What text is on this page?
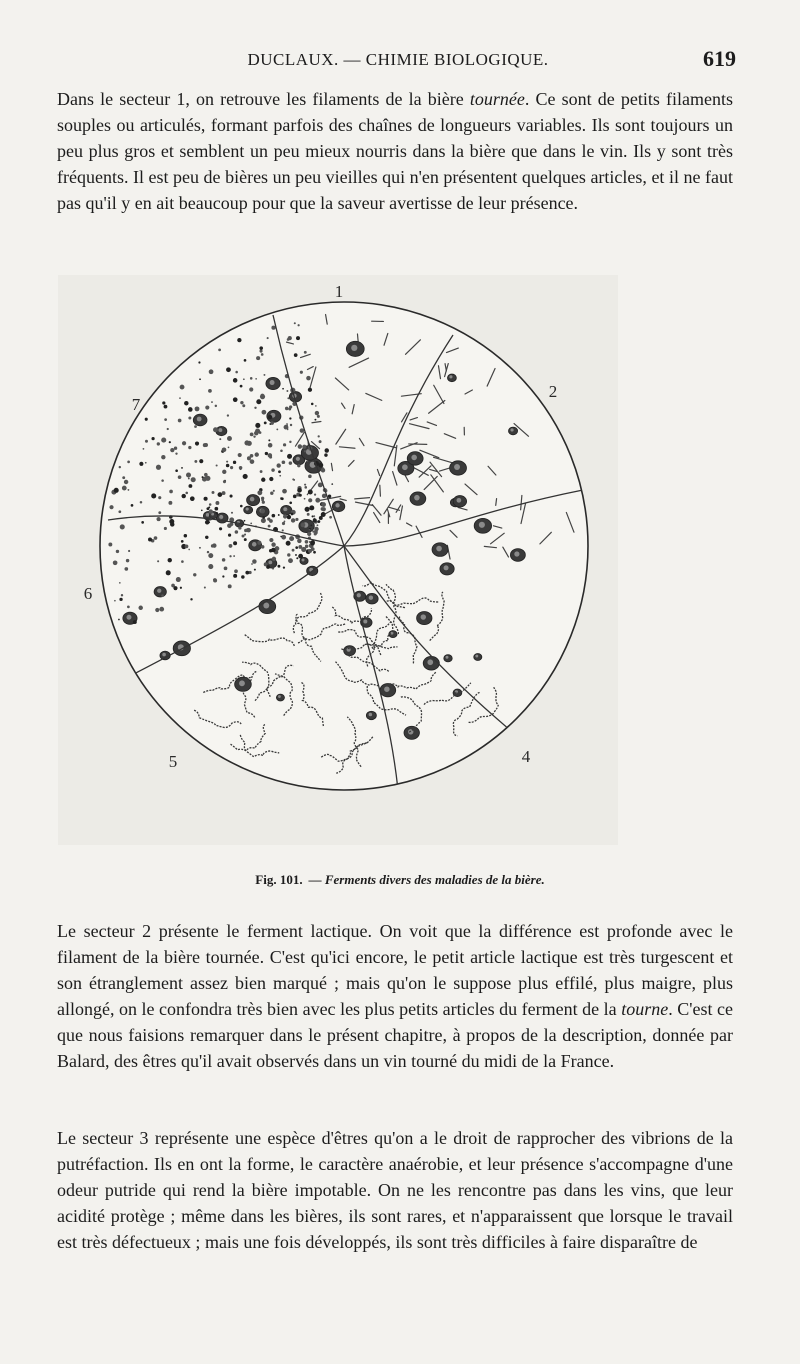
DUCLAUX. — CHIMIE BIOLOGIQUE.	619

Dans le secteur 1, on retrouve les filaments de la bière tournée. Ce sont de petits filaments souples ou articulés, formant parfois des chaînes de longueurs variables. Ils sont toujours un peu plus gros et semblent un peu mieux nourris dans la bière que dans le vin. Ils y sont très fréquents. Il est peu de bières un peu vieilles qui n'en présentent quelques articles, et il ne faut pas qu'il y en ait beaucoup pour que la saveur avertisse de leur présence.

1
2
4
5
6
7
Fig. 101. — Ferments divers des maladies de la bière.

Le secteur 2 présente le ferment lactique. On voit que la différence est profonde avec le filament de la bière tournée. C'est qu'ici encore, le petit article lactique est très turgescent et son étranglement assez bien marqué ; mais qu'on le suppose plus effilé, plus maigre, plus allongé, on le confondra très bien avec les plus petits articles du ferment de la tourne. C'est ce que nous faisions remarquer dans le présent chapitre, à propos de la description, donnée par Balard, des êtres qu'il avait observés dans un vin tourné du midi de la France.

Le secteur 3 représente une espèce d'êtres qu'on a le droit de rapprocher des vibrions de la putréfaction. Ils en ont la forme, le caractère anaérobie, et leur présence s'accompagne d'une odeur putride qui rend la bière impotable. On ne les rencontre pas dans les vins, que leur acidité protège ; même dans les bières, ils sont rares, et n'apparaissent que lorsque le travail est très défectueux ; mais une fois développés, ils sont très difficiles à faire disparaître de
